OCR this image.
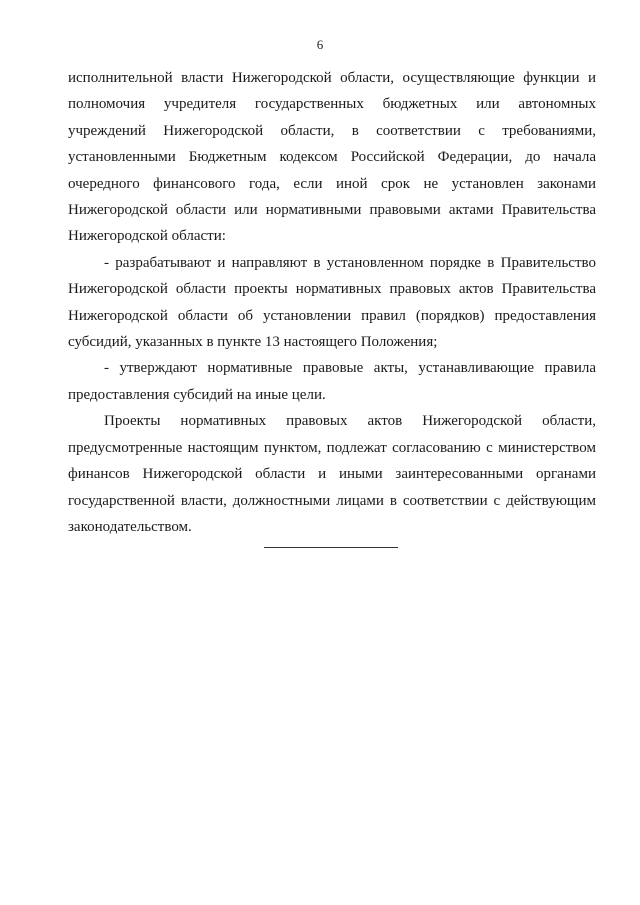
6

исполнительной власти Нижегородской области, осуществляющие функции и полномочия учредителя государственных бюджетных или автономных учреждений Нижегородской области, в соответствии с требованиями, установленными Бюджетным кодексом Российской Федерации, до начала очередного финансового года, если иной срок не установлен законами Нижегородской области или нормативными правовыми актами Правительства Нижегородской области:

- разрабатывают и направляют в установленном порядке в Правительство Нижегородской области проекты нормативных правовых актов Правительства Нижегородской области об установлении правил (порядков) предоставления субсидий, указанных в пункте 13 настоящего Положения;

- утверждают нормативные правовые акты, устанавливающие правила предоставления субсидий на иные цели.

Проекты нормативных правовых актов Нижегородской области, предусмотренные настоящим пунктом, подлежат согласованию с министерством финансов Нижегородской области и иными заинтересованными органами государственной власти, должностными лицами в соответствии с действующим законодательством.
